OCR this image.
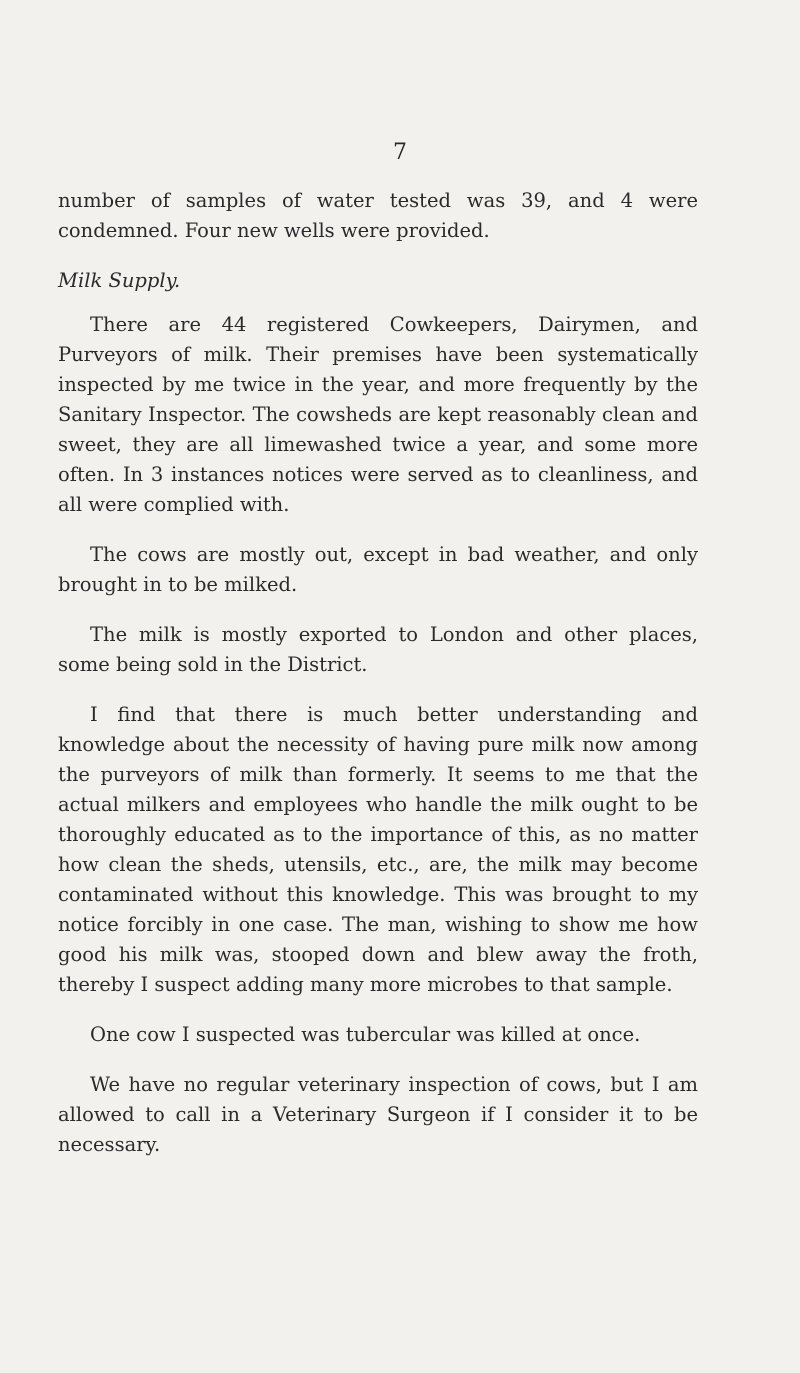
7

number of samples of water tested was 39, and 4 were condemned. Four new wells were provided.

Milk Supply.

There are 44 registered Cowkeepers, Dairymen, and Purveyors of milk. Their premises have been systematically inspected by me twice in the year, and more frequently by the Sanitary Inspector. The cowsheds are kept reasonably clean and sweet, they are all limewashed twice a year, and some more often. In 3 instances notices were served as to cleanliness, and all were complied with.

The cows are mostly out, except in bad weather, and only brought in to be milked.

The milk is mostly exported to London and other places, some being sold in the District.

I find that there is much better understanding and knowledge about the necessity of having pure milk now among the purveyors of milk than formerly. It seems to me that the actual milkers and employees who handle the milk ought to be thoroughly educated as to the importance of this, as no matter how clean the sheds, utensils, etc., are, the milk may become contaminated without this knowledge. This was brought to my notice forcibly in one case. The man, wishing to show me how good his milk was, stooped down and blew away the froth, thereby I suspect adding many more microbes to that sample.

One cow I suspected was tubercular was killed at once.

We have no regular veterinary inspection of cows, but I am allowed to call in a Veterinary Surgeon if I consider it to be necessary.
